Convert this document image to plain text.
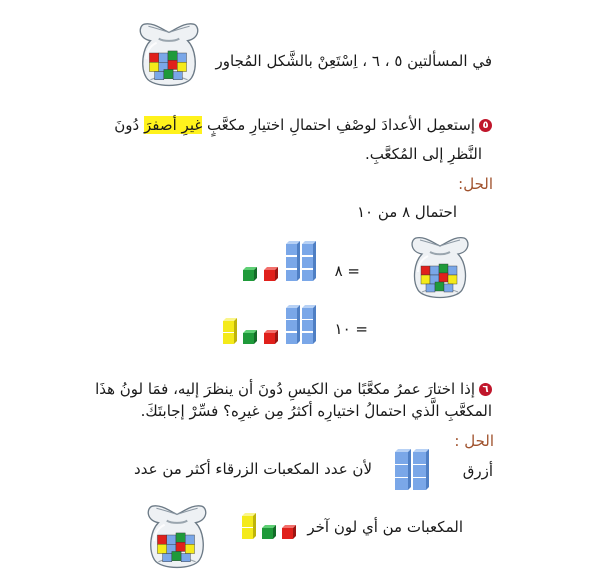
في المسألتين ٥ ، ٦ ، اِسْتَعِنْ بالشَّكل المُجاور
٥إستعمِل الأعدادَ لوصْفِ احتمالِ اختيارِ مكعَّبٍ غيرِ أصفرَ دُونَ
النَّظرِ إلى المُكعَّبِ.
الحل:
احتمال ٨ من ١٠
= ٨
= ١٠
٦إذا اختارَ عمرُ مكعَّبًا من الكيسِ دُونَ أن ينظرَ إليه، فمَا لونُ هذَا
المكعَّبِ الَّذي احتمالُ اختيارِه أكثرُ مِن غيرِه؟ فسِّرْ إجابتَكَ.
الحل :
أزرق
لأن عدد المكعبات الزرقاء أكثر من عدد
المكعبات من أي لون آخر
